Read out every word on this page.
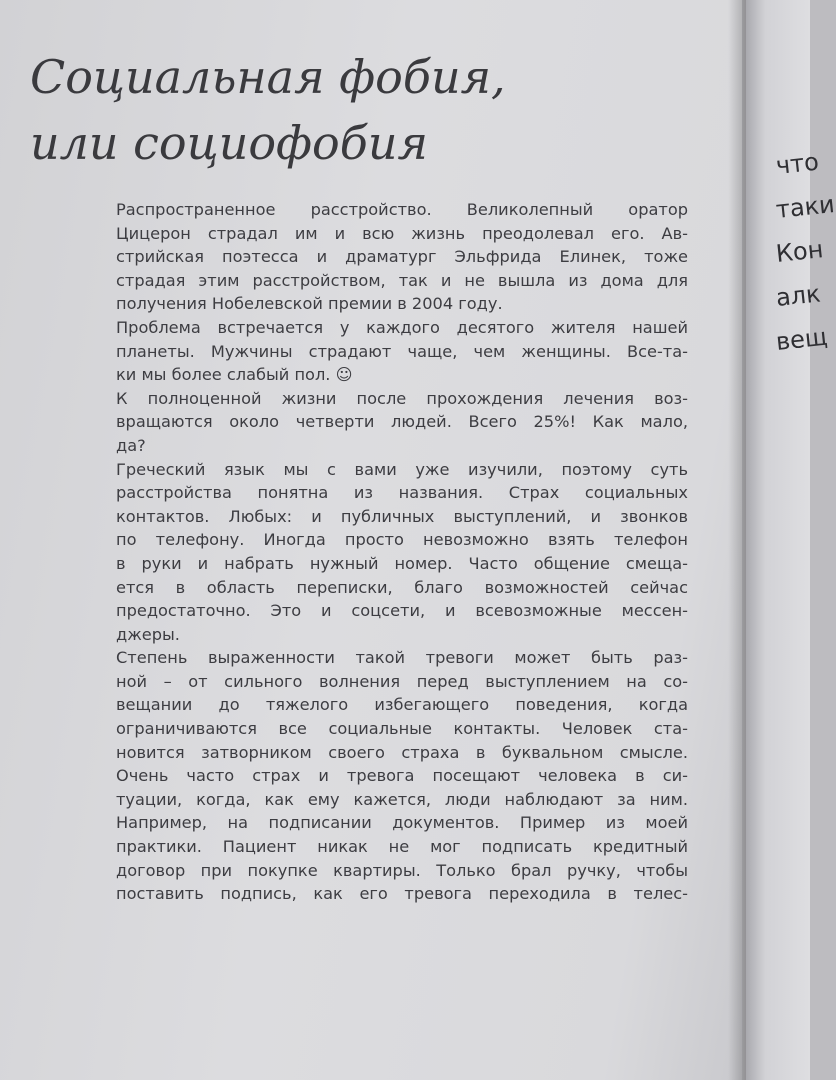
Социальная фобия,
или социофобия
Распространенное расстройство. Великолепный оратор
Цицерон страдал им и всю жизнь преодолевал его. Ав-
стрийская поэтесса и драматург Эльфрида Елинек, тоже
страдая этим расстройством, так и не вышла из дома для
получения Нобелевской премии в 2004 году.
Проблема встречается у каждого десятого жителя нашей
планеты. Мужчины страдают чаще, чем женщины. Все-та-
ки мы более слабый пол. ☺
К полноценной жизни после прохождения лечения воз-
вращаются около четверти людей. Всего 25%! Как мало,
да?
Греческий язык мы с вами уже изучили, поэтому суть
расстройства понятна из названия. Страх социальных
контактов. Любых: и публичных выступлений, и звонков
по телефону. Иногда просто невозможно взять телефон
в руки и набрать нужный номер. Часто общение смеща-
ется в область переписки, благо возможностей сейчас
предостаточно. Это и соцсети, и всевозможные мессен-
джеры.
Степень выраженности такой тревоги может быть раз-
ной – от сильного волнения перед выступлением на со-
вещании до тяжелого избегающего поведения, когда
ограничиваются все социальные контакты. Человек ста-
новится затворником своего страха в буквальном смысле.
Очень часто страх и тревога посещают человека в си-
туации, когда, как ему кажется, люди наблюдают за ним.
Например, на подписании документов. Пример из моей
практики. Пациент никак не мог подписать кредитный
договор при покупке квартиры. Только брал ручку, чтобы
поставить подпись, как его тревога переходила в телес-
что
таки
Кон
алк
вещ
